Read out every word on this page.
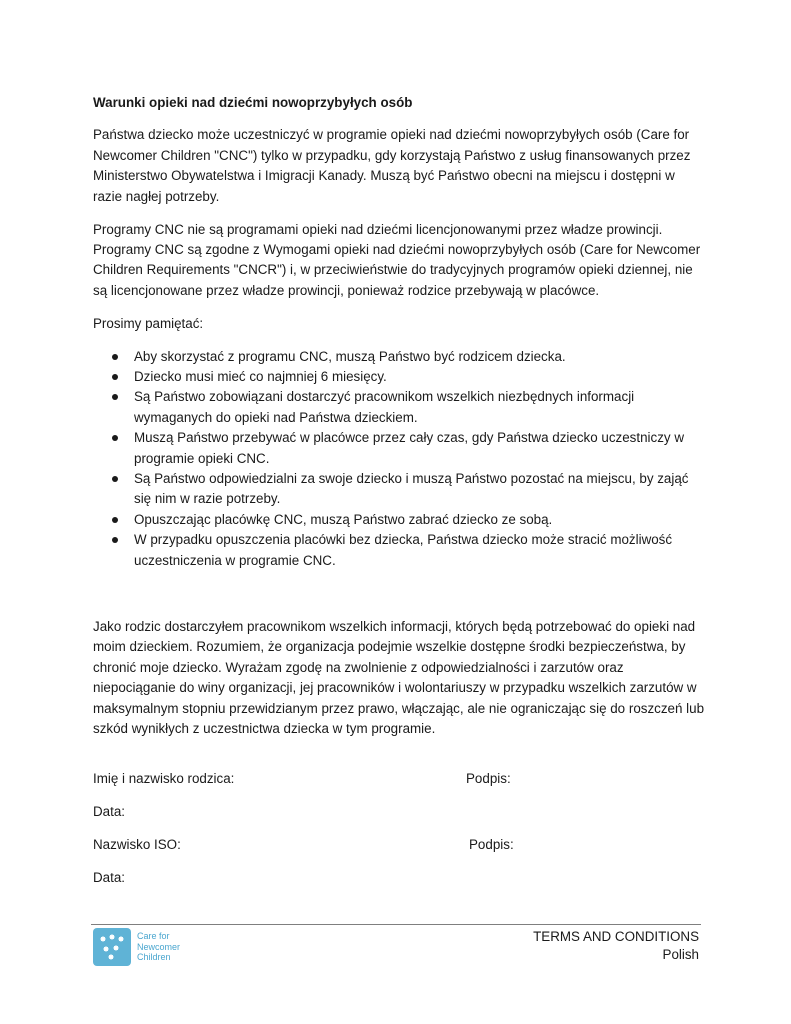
Warunki opieki nad dziećmi nowoprzybyłych osób

Państwa dziecko może uczestniczyć w programie opieki nad dziećmi nowoprzybyłych osób (Care for Newcomer Children "CNC") tylko w przypadku, gdy korzystają Państwo z usług finansowanych przez Ministerstwo Obywatelstwa i Imigracji Kanady. Muszą być Państwo obecni na miejscu i dostępni w razie nagłej potrzeby.

Programy CNC nie są programami opieki nad dziećmi licencjonowanymi przez władze prowincji. Programy CNC są zgodne z Wymogami opieki nad dziećmi nowoprzybyłych osób (Care for Newcomer Children Requirements "CNCR") i, w przeciwieństwie do tradycyjnych programów opieki dziennej, nie są licencjonowane przez władze prowincji, ponieważ rodzice przebywają w placówce.

Prosimy pamiętać:

Aby skorzystać z programu CNC, muszą Państwo być rodzicem dziecka.
Dziecko musi mieć co najmniej 6 miesięcy.
Są Państwo zobowiązani dostarczyć pracownikom wszelkich niezbędnych informacji wymaganych do opieki nad Państwa dzieckiem.
Muszą Państwo przebywać w placówce przez cały czas, gdy Państwa dziecko uczestniczy w programie opieki CNC.
Są Państwo odpowiedzialni za swoje dziecko i muszą Państwo pozostać na miejscu, by zająć się nim w razie potrzeby.
Opuszczając placówkę CNC, muszą Państwo zabrać dziecko ze sobą.
W przypadku opuszczenia placówki bez dziecka, Państwa dziecko może stracić możliwość uczestniczenia w programie CNC.

Jako rodzic dostarczyłem pracownikom wszelkich informacji, których będą potrzebować do opieki nad moim dzieckiem. Rozumiem, że organizacja podejmie wszelkie dostępne środki bezpieczeństwa, by chronić moje dziecko. Wyrażam zgodę na zwolnienie z odpowiedzialności i zarzutów oraz niepociąganie do winy organizacji, jej pracowników i wolontariuszy w przypadku wszelkich zarzutów w maksymalnym stopniu przewidzianym przez prawo, włączając, ale nie ograniczając się do roszczeń lub szkód wynikłych z uczestnictwa dziecka w tym programie.

Imię i nazwisko rodzica:	Podpis:
Data:
Nazwisko ISO:	Podpis:
Data:
Care for
Newcomer
Children
TERMS AND CONDITIONS
Polish
